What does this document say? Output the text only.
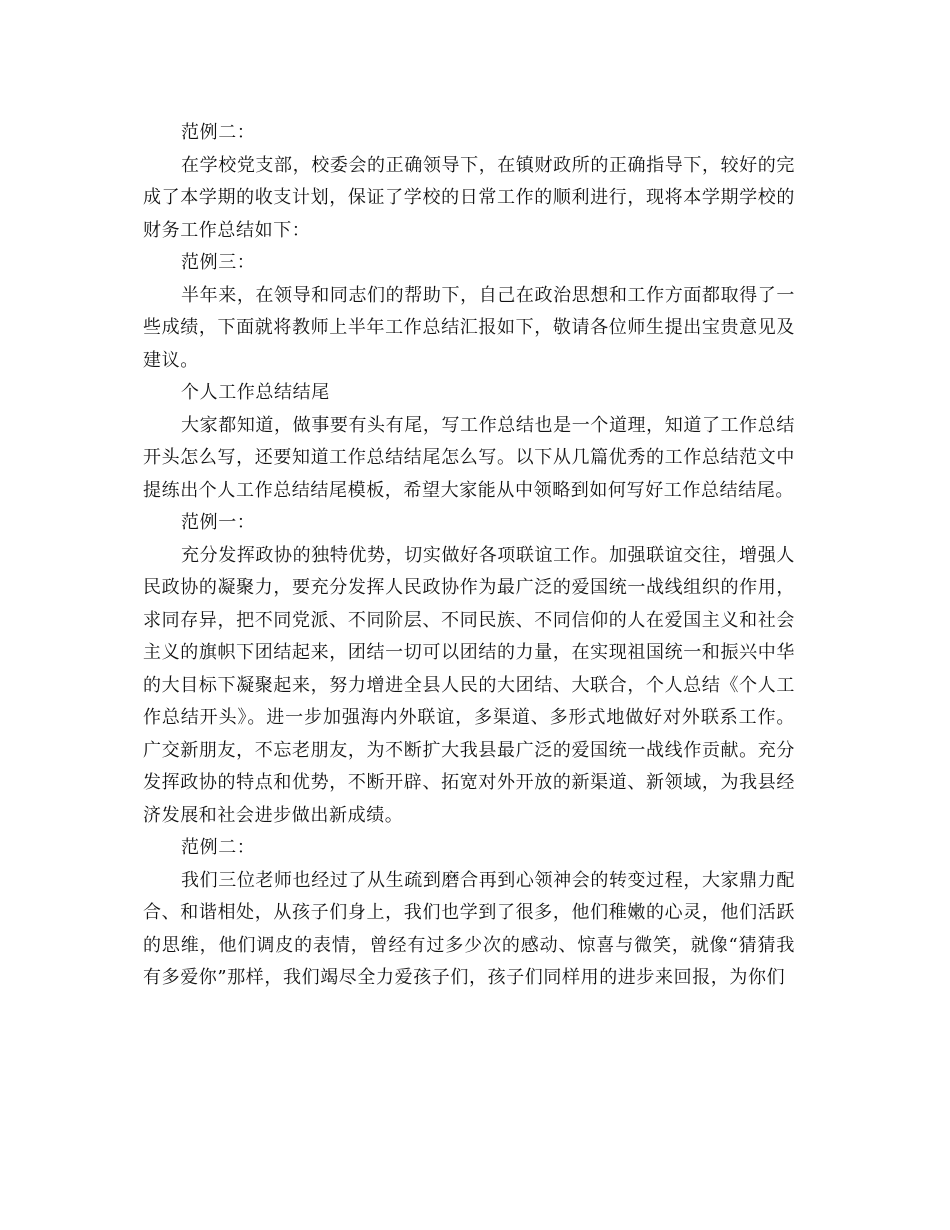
范例二：

在学校党支部，校委会的正确领导下，在镇财政所的正确指导下，较好的完成了本学期的收支计划，保证了学校的日常工作的顺利进行，现将本学期学校的财务工作总结如下：

范例三：

半年来，在领导和同志们的帮助下，自己在政治思想和工作方面都取得了一些成绩，下面就将教师上半年工作总结汇报如下，敬请各位师生提出宝贵意见及建议。

个人工作总结结尾

大家都知道，做事要有头有尾，写工作总结也是一个道理，知道了工作总结开头怎么写，还要知道工作总结结尾怎么写。以下从几篇优秀的工作总结范文中提练出个人工作总结结尾模板，希望大家能从中领略到如何写好工作总结结尾。

范例一：

充分发挥政协的独特优势，切实做好各项联谊工作。加强联谊交往，增强人民政协的凝聚力，要充分发挥人民政协作为最广泛的爱国统一战线组织的作用，求同存异，把不同党派、不同阶层、不同民族、不同信仰的人在爱国主义和社会主义的旗帜下团结起来，团结一切可以团结的力量，在实现祖国统一和振兴中华的大目标下凝聚起来，努力增进全县人民的大团结、大联合，个人总结《个人工作总结开头》。进一步加强海内外联谊，多渠道、多形式地做好对外联系工作。广交新朋友，不忘老朋友，为不断扩大我县最广泛的爱国统一战线作贡献。充分发挥政协的特点和优势，不断开辟、拓宽对外开放的新渠道、新领域，为我县经济发展和社会进步做出新成绩。

范例二：

我们三位老师也经过了从生疏到磨合再到心领神会的转变过程，大家鼎力配合、和谐相处，从孩子们身上，我们也学到了很多，他们稚嫩的心灵，他们活跃的思维，他们调皮的表情，曾经有过多少次的感动、惊喜与微笑，就像“猜猜我有多爱你”那样，我们竭尽全力爱孩子们，孩子们同样用的进步来回报，为你们
